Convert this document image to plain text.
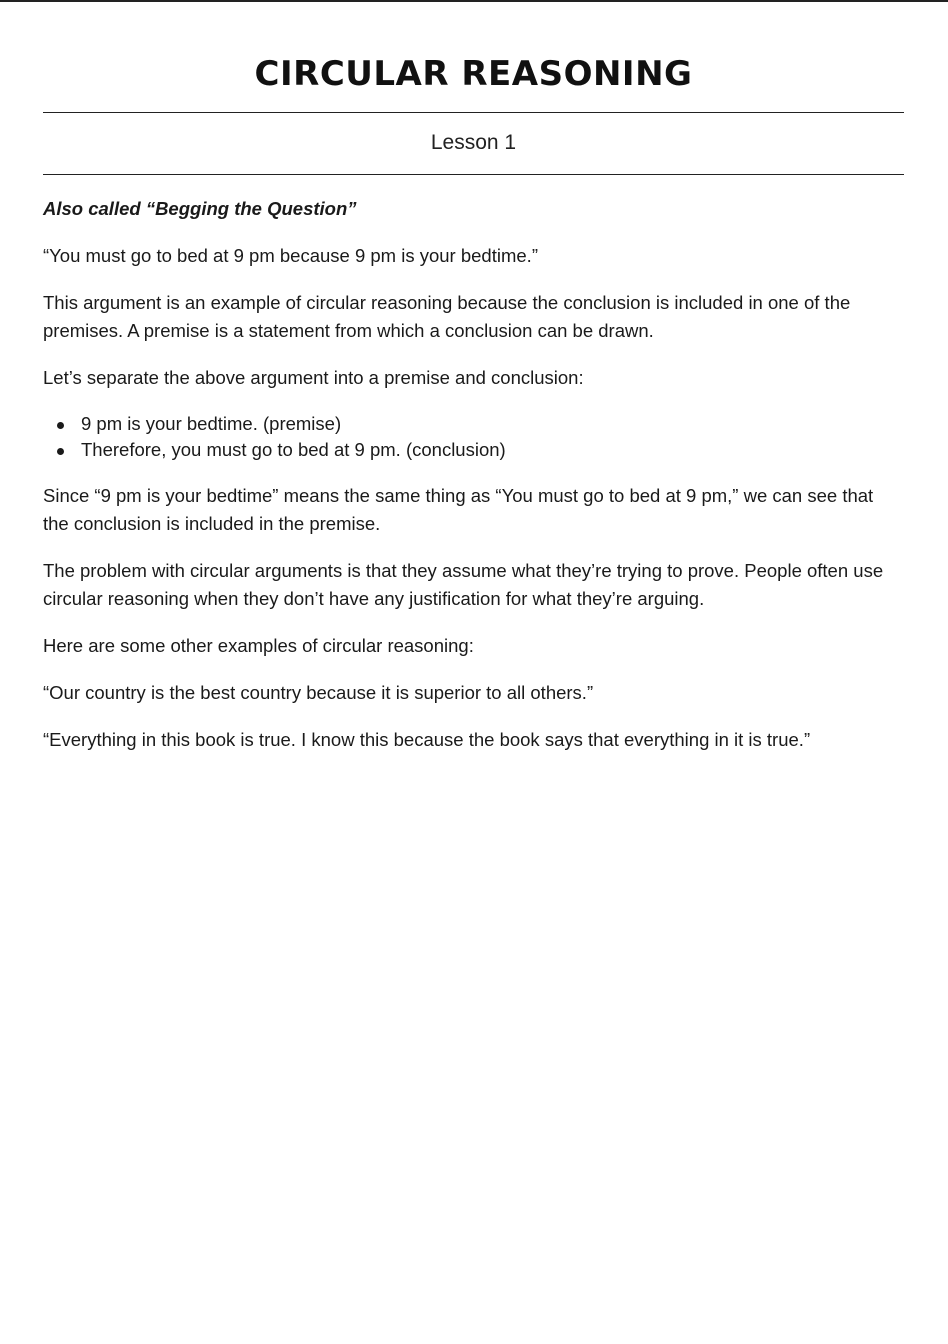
CIRCULAR REASONING
Lesson 1

Also called “Begging the Question”

“You must go to bed at 9 pm because 9 pm is your bedtime.”

This argument is an example of circular reasoning because the conclusion is included in one of the premises. A premise is a statement from which a conclusion can be drawn.

Let’s separate the above argument into a premise and conclusion:

9 pm is your bedtime. (premise)
Therefore, you must go to bed at 9 pm. (conclusion)

Since “9 pm is your bedtime” means the same thing as “You must go to bed at 9 pm,” we can see that the conclusion is included in the premise.

The problem with circular arguments is that they assume what they’re trying to prove. People often use circular reasoning when they don’t have any justification for what they’re arguing.

Here are some other examples of circular reasoning:

“Our country is the best country because it is superior to all others.”

“Everything in this book is true. I know this because the book says that everything in it is true.”
